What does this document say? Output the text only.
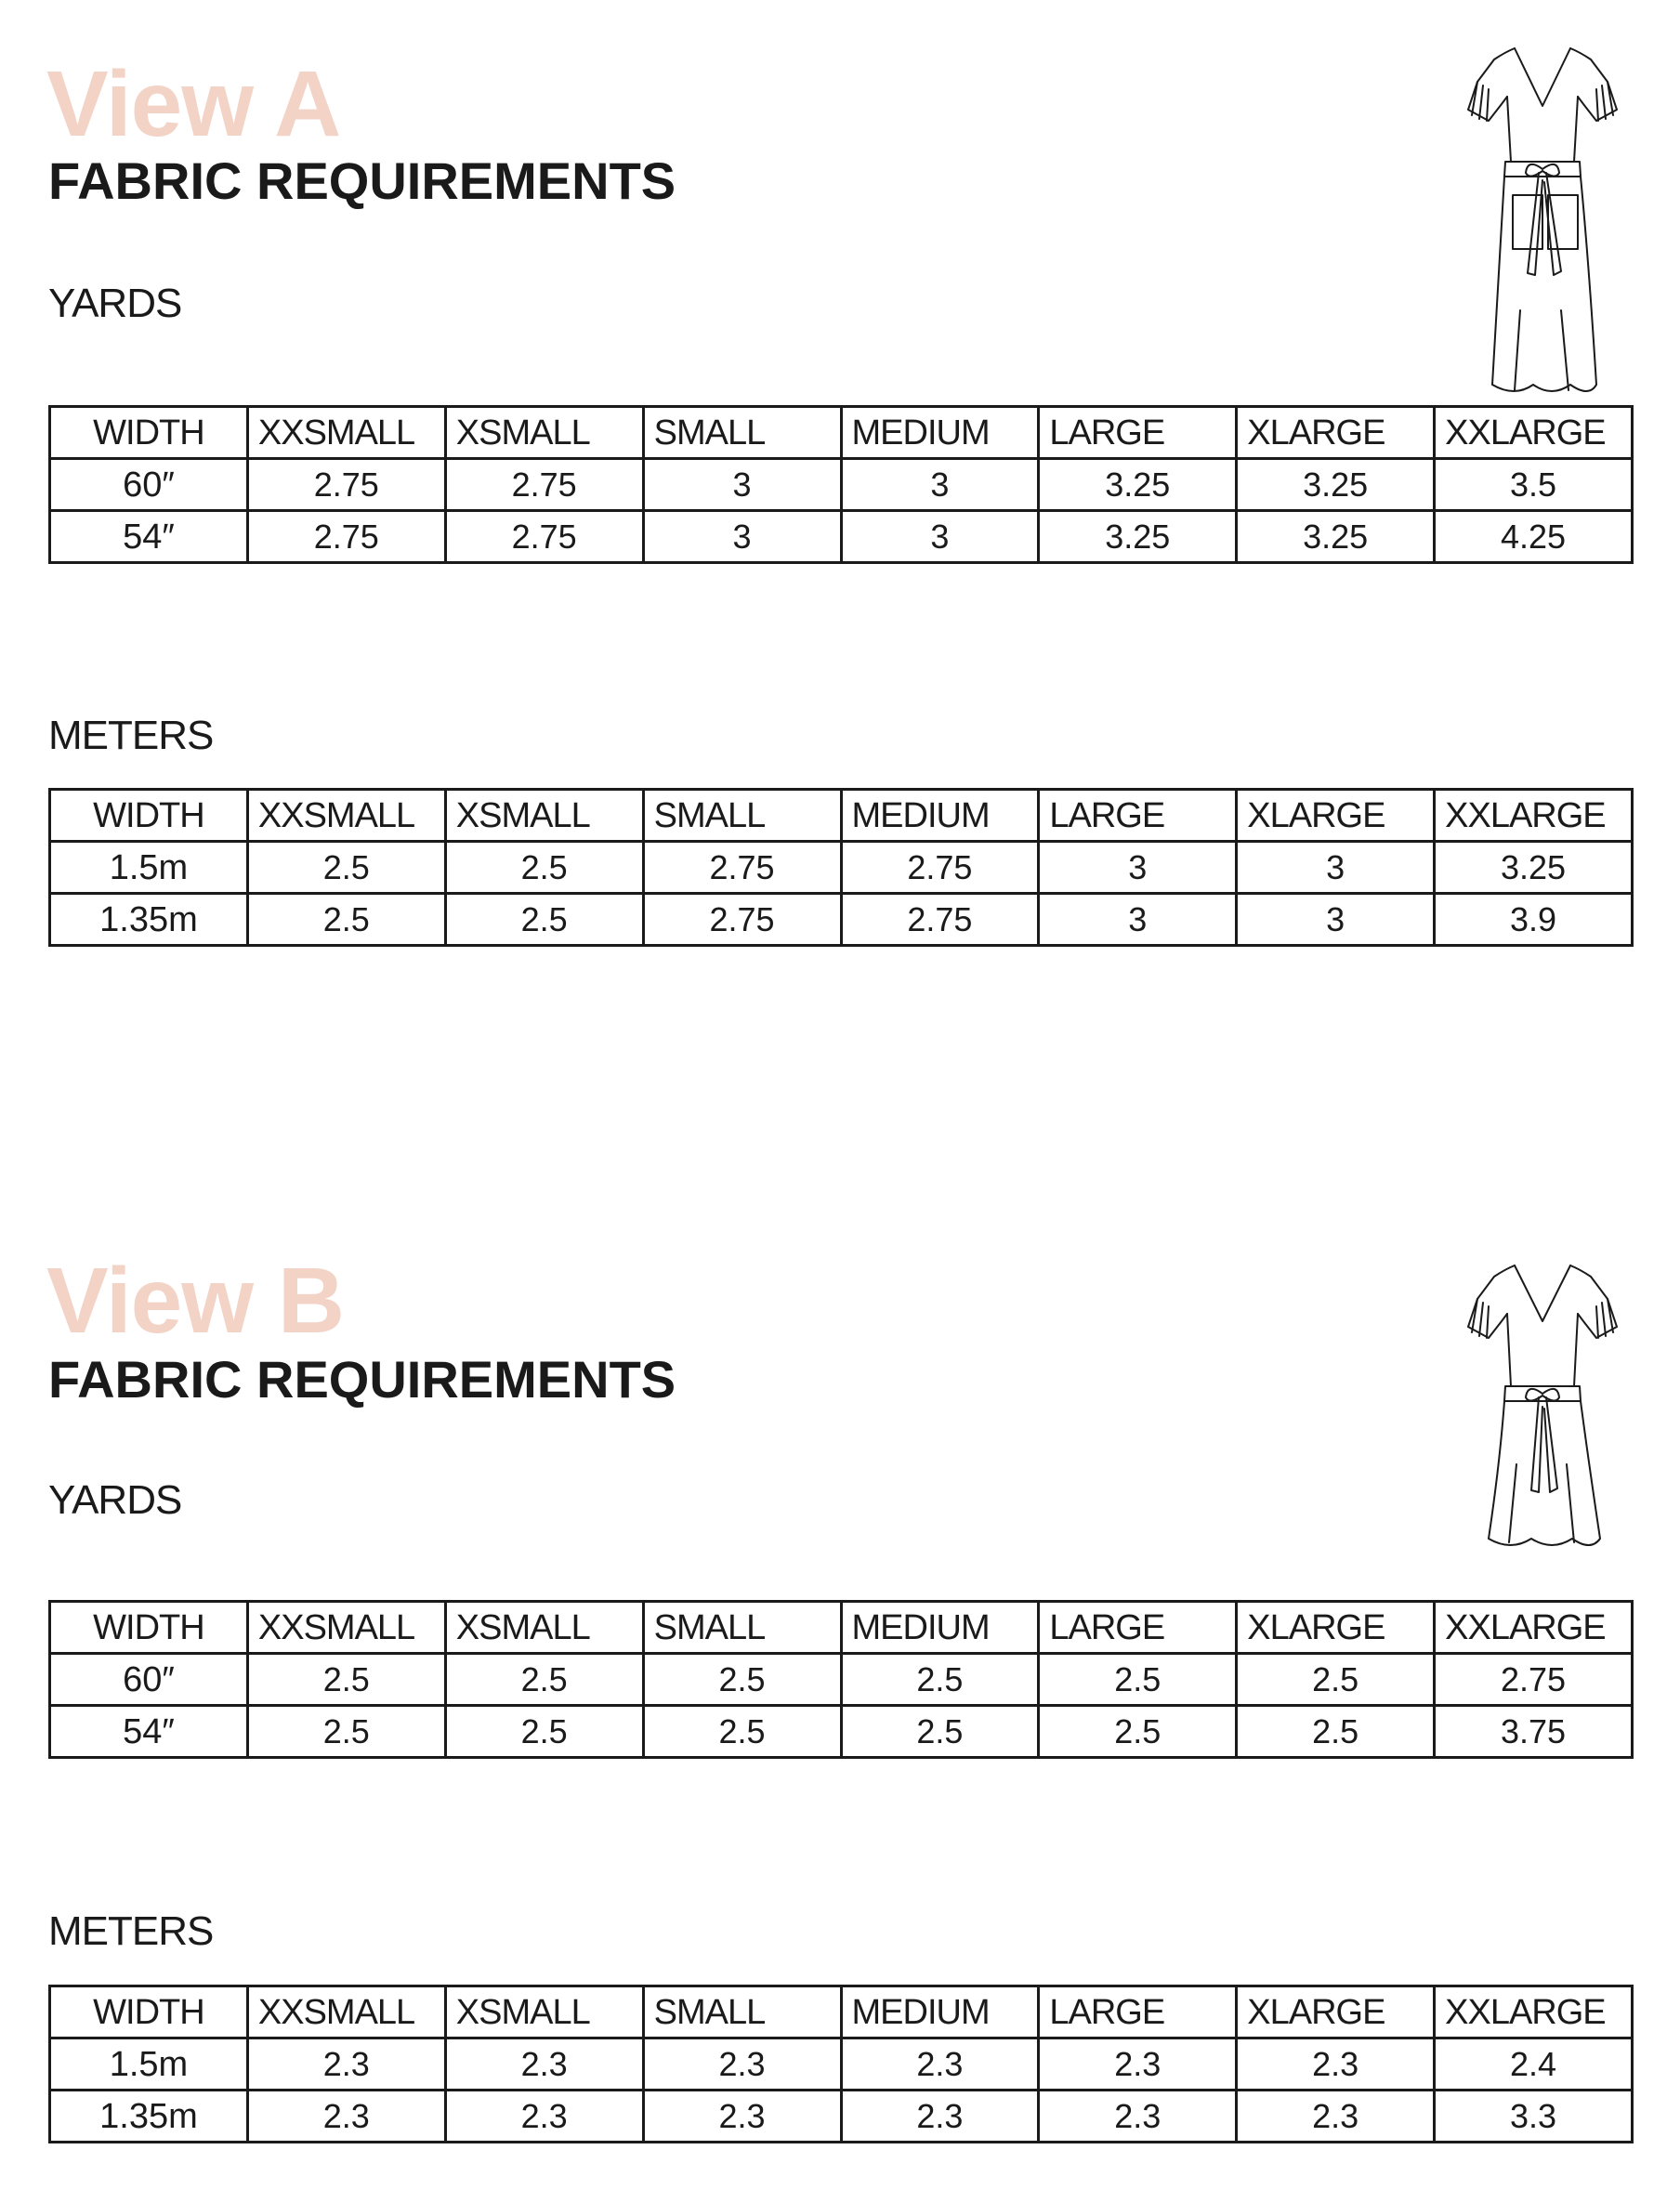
View A
FABRIC REQUIREMENTS

YARDS

WIDTH	XXSMALL	XSMALL	SMALL	MEDIUM	LARGE	XLARGE	XXLARGE
60″	2.75	2.75	3	3	3.25	3.25	3.5
54″	2.75	2.75	3	3	3.25	3.25	4.25

METERS

WIDTH	XXSMALL	XSMALL	SMALL	MEDIUM	LARGE	XLARGE	XXLARGE
1.5m	2.5	2.5	2.75	2.75	3	3	3.25
1.35m	2.5	2.5	2.75	2.75	3	3	3.9
View B
FABRIC REQUIREMENTS

YARDS

WIDTH	XXSMALL	XSMALL	SMALL	MEDIUM	LARGE	XLARGE	XXLARGE
60″	2.5	2.5	2.5	2.5	2.5	2.5	2.75
54″	2.5	2.5	2.5	2.5	2.5	2.5	3.75

METERS

WIDTH	XXSMALL	XSMALL	SMALL	MEDIUM	LARGE	XLARGE	XXLARGE
1.5m	2.3	2.3	2.3	2.3	2.3	2.3	2.4
1.35m	2.3	2.3	2.3	2.3	2.3	2.3	3.3
